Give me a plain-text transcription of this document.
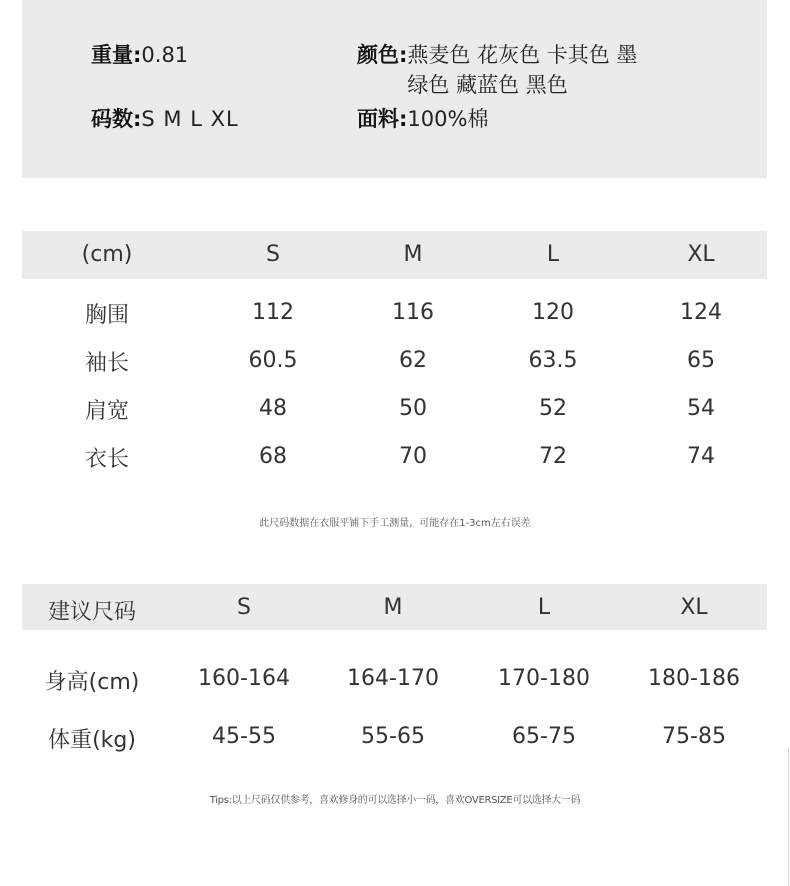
重量: 0.81
码数: S M L XL
颜色: 燕麦色 花灰色 卡其色 墨
绿色 藏蓝色 黑色
面料: 100%棉
(cm)	S	M	L	XL
胸围	112	116	120	124
袖长	60.5	62	63.5	65
肩宽	48	50	52	54
衣长	68	70	72	74
此尺码数据在衣服平铺下手工测量，可能存在1-3cm左右误差
建议尺码	S	M	L	XL
身高(cm)	160-164	164-170	170-180	180-186
体重(kg)	45-55	55-65	65-75	75-85
Tips:以上尺码仅供参考，喜欢修身的可以选择小一码，喜欢OVERSIZE可以选择大一码
